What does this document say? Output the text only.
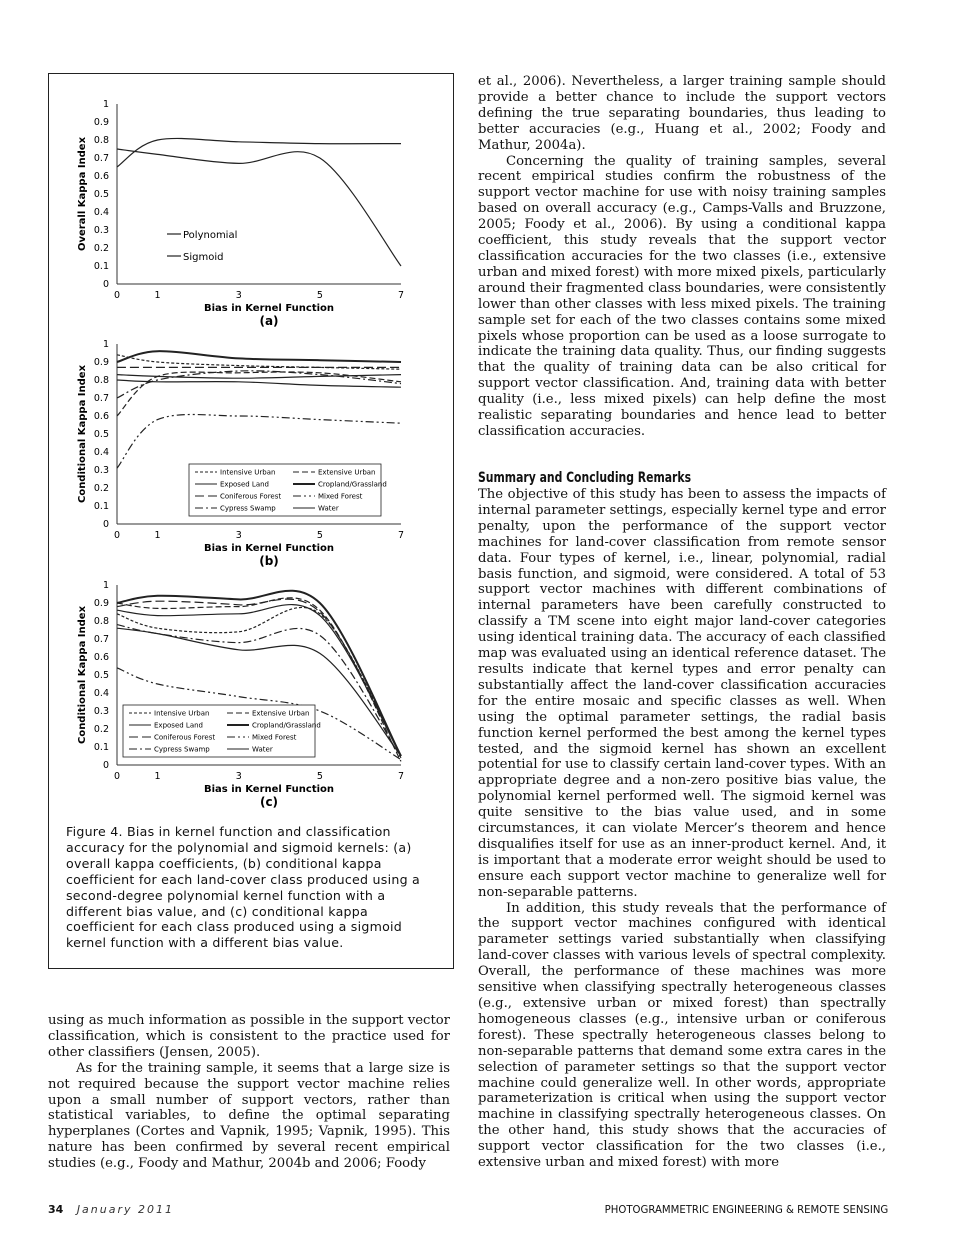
0
0.1
0.2
0.3
0.4
0.5
0.6
0.7
0.8
0.9
1
0	1	3	5	7
Bias in Kernel Function
Overall Kappa Index
(a)
Polynomial
Sigmoid
0
0.1
0.2
0.3
0.4
0.5
0.6
0.7
0.8
0.9
1
0	1	3	5	7
Bias in Kernel Function
Conditional Kappa Index
(b)
Intensive Urban	Extensive Urban
Exposed Land	Cropland/Grassland
Coniferous Forest	Mixed Forest
Cypress Swamp	Water
0
0.1
0.2
0.3
0.4
0.5
0.6
0.7
0.8
0.9
1
0	1	3	5	7
Bias in Kernel Function
Conditional Kappa Index
(c)
Intensive Urban	Extensive Urban
Exposed Land	Cropland/Grassland
Coniferous Forest	Mixed Forest
Cypress Swamp	Water
Figure 4. Bias in kernel function and classification accuracy for the polynomial and sigmoid kernels: (a) overall kappa coefficients, (b) conditional kappa coefficient for each land-cover class produced using a second-degree polynomial kernel function with a different bias value, and (c) conditional kappa coefficient for each class produced using a sigmoid kernel function with a different bias value.

using as much information as possible in the support vector classification, which is consistent to the practice used for other classifiers (Jensen, 2005).

As for the training sample, it seems that a large size is not required because the support vector machine relies upon a small number of support vectors, rather than statistical variables, to define the optimal separating hyperplanes (Cortes and Vapnik, 1995; Vapnik, 1995). This nature has been confirmed by several recent empirical studies (e.g., Foody and Mathur, 2004b and 2006; Foody

et al., 2006). Nevertheless, a larger training sample should provide a better chance to include the support vectors defining the true separating boundaries, thus leading to better accuracies (e.g., Huang et al., 2002; Foody and Mathur, 2004a).

Concerning the quality of training samples, several recent empirical studies confirm the robustness of the support vector machine for use with noisy training samples based on overall accuracy (e.g., Camps-Valls and Bruzzone, 2005; Foody et al., 2006). By using a conditional kappa coefficient, this study reveals that the support vector classification accuracies for the two classes (i.e., extensive urban and mixed forest) with more mixed pixels, particularly around their fragmented class boundaries, were consistently lower than other classes with less mixed pixels. The training sample set for each of the two classes contains some mixed pixels whose proportion can be used as a loose surrogate to indicate the training data quality. Thus, our finding suggests that the quality of training data can be also critical for support vector classification. And, training data with better quality (i.e., less mixed pixels) can help define the most realistic separating boundaries and hence lead to better classification accuracies.

Summary and Concluding Remarks

The objective of this study has been to assess the impacts of internal parameter settings, especially kernel type and error penalty, upon the performance of the support vector machines for land-cover classification from remote sensor data. Four types of kernel, i.e., linear, polynomial, radial basis function, and sigmoid, were considered. A total of 53 support vector machines with different combinations of internal parameters have been carefully constructed to classify a TM scene into eight major land-cover categories using identical training data. The accuracy of each classified map was evaluated using an identical reference dataset. The results indicate that kernel types and error penalty can substantially affect the land-cover classification accuracies for the entire mosaic and specific classes as well. When using the optimal parameter settings, the radial basis function kernel performed the best among the kernel types tested, and the sigmoid kernel has shown an excellent potential for use to classify certain land-cover types. With an appropriate degree and a non-zero positive bias value, the polynomial kernel performed well. The sigmoid kernel was quite sensitive to the bias value used, and in some circumstances, it can violate Mercer’s theorem and hence disqualifies itself for use as an inner-product kernel. And, it is important that a moderate error weight should be used to ensure each support vector machine to generalize well for non-separable patterns.

In addition, this study reveals that the performance of the support vector machines configured with identical parameter settings varied substantially when classifying land-cover classes with various levels of spectral complexity. Overall, the performance of these machines was more sensitive when classifying spectrally heterogeneous classes (e.g., extensive urban or mixed forest) than spectrally homogeneous classes (e.g., intensive urban or coniferous forest). These spectrally heterogeneous classes belong to non-separable patterns that demand some extra cares in the selection of parameter settings so that the support vector machine could generalize well. In other words, appropriate parameterization is critical when using the support vector machine in classifying spectrally heterogeneous classes. On the other hand, this study shows that the accuracies of support vector classification for the two classes (i.e., extensive urban and mixed forest) with more

34 January 2011	PHOTOGRAMMETRIC ENGINEERING & REMOTE SENSING
